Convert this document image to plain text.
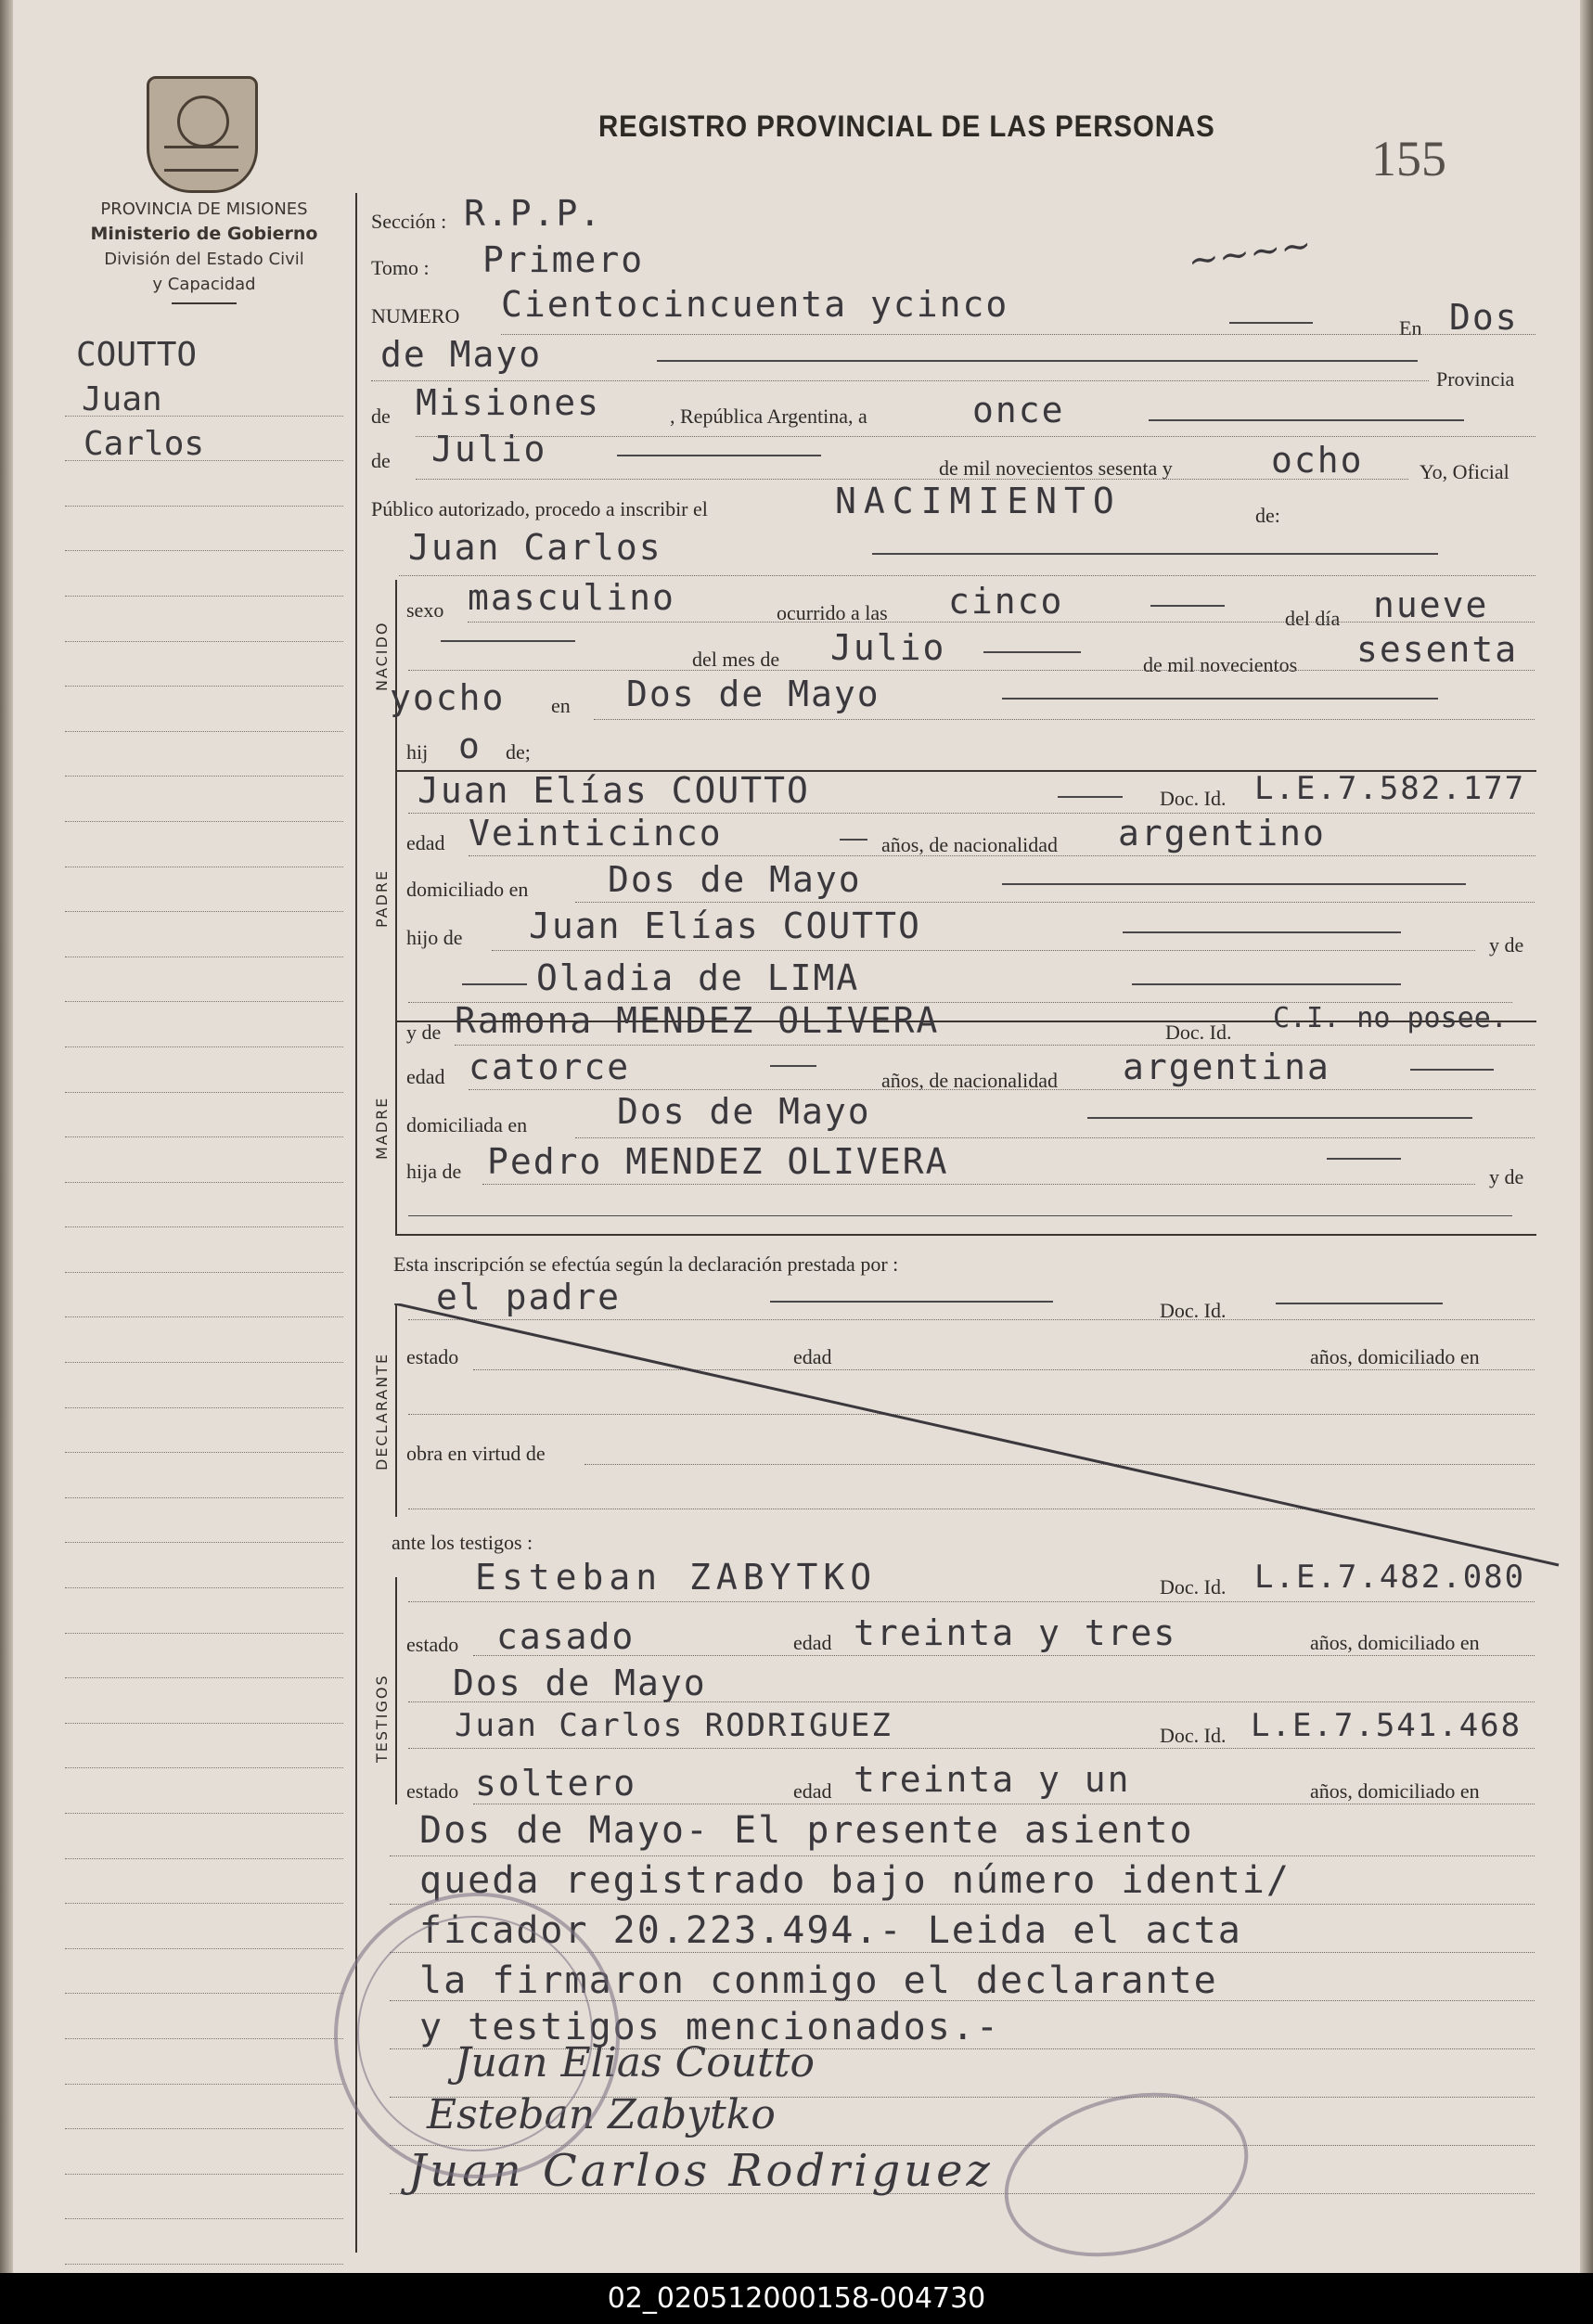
PROVINCIA DE MISIONES
Ministerio de Gobierno
División del Estado Civil
y Capacidad
COUTTO
Juan
Carlos
REGISTRO PROVINCIAL DE LAS PERSONAS
155
∼∼∼∼
Sección : R.P.P.
Tomo : Primero
NUMERO Cientocincuenta ycinco
En Dos
de Mayo
Provincia
de Misiones	, República Argentina, a	once
de Julio	de mil novecientos sesenta y	ocho	Yo, Oficial
Público autorizado, procedo a inscribir el	NACIMIENTO	de:
Juan Carlos
NACIDO
sexo masculino	ocurrido a las cinco	del día nueve
del mes de Julio	de mil novecientos sesenta
yocho en Dos de Mayo
hij o de;
PADRE
Juan Elías COUTTO	Doc. Id. L.E.7.582.177
edad Veinticinco	años, de nacionalidad argentino
domiciliado en Dos de Mayo
hijo de Juan Elías COUTTO	y de
Oladia de LIMA
MADRE
y de Ramona MENDEZ OLIVERA	Doc. Id. C.I. no posee.
edad catorce	años, de nacionalidad argentina
domiciliada en	Dos de Mayo
hija de Pedro MENDEZ OLIVERA	y de
Esta inscripción se efectúa según la declaración prestada por :
DECLARANTE
el padre	Doc. Id.
estado	edad	años, domiciliado en
obra en virtud de
ante los testigos :
TESTIGOS
Esteban ZABYTKO	Doc. Id. L.E.7.482.080
estado casado	edad treinta y tres	años, domiciliado en
Dos de Mayo
Juan Carlos RODRIGUEZ	Doc. Id. L.E.7.541.468
estado soltero	edad treinta y un	años, domiciliado en
Dos de Mayo- El presente asiento
queda registrado bajo número identi/
ficador 20.223.494.- Leida el acta
la firmaron conmigo el declarante
y testigos mencionados.-
Juan Elias Coutto
Esteban Zabytko
Juan Carlos Rodriguez
02_020512000158-004730
